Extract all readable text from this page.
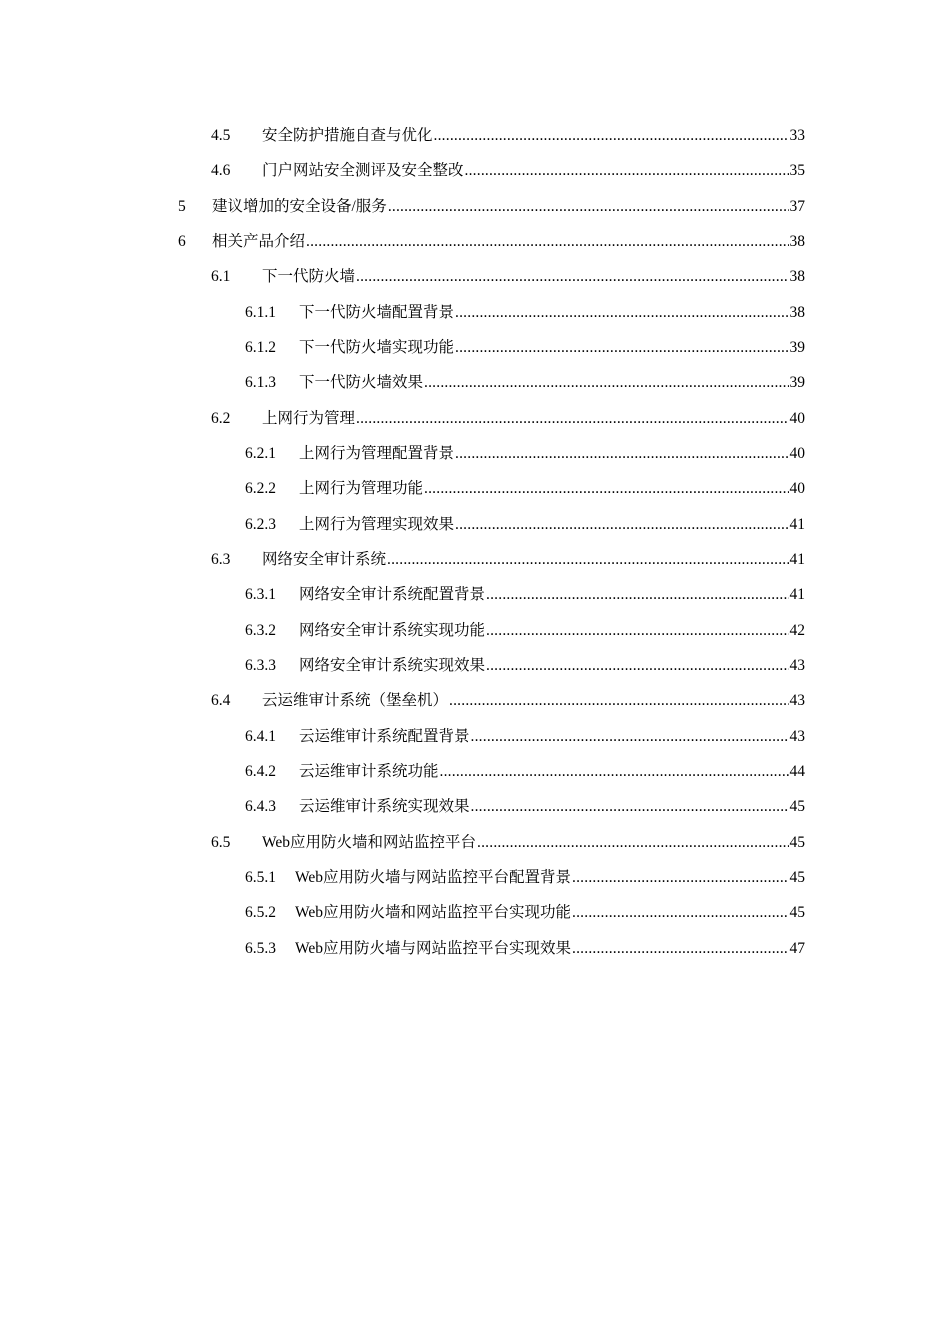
4.5 安全防护措施自查与优化 .....	33
4.6 门户网站安全测评及安全整改 .....	35
5 建议增加的安全设备/服务 .....	37
6 相关产品介绍 .....	38
6.1 下一代防火墙 .....	38
6.1.1 下一代防火墙配置背景 .....	38
6.1.2 下一代防火墙实现功能 .....	39
6.1.3 下一代防火墙效果 .....	39
6.2 上网行为管理 .....	40
6.2.1 上网行为管理配置背景 .....	40
6.2.2 上网行为管理功能 .....	40
6.2.3 上网行为管理实现效果 .....	41
6.3 网络安全审计系统 .....	41
6.3.1 网络安全审计系统配置背景 .....	41
6.3.2 网络安全审计系统实现功能 .....	42
6.3.3 网络安全审计系统实现效果 .....	43
6.4 云运维审计系统（堡垒机） .....	43
6.4.1 云运维审计系统配置背景 .....	43
6.4.2 云运维审计系统功能 .....	44
6.4.3 云运维审计系统实现效果 .....	45
6.5 Web应用防火墙和网站监控平台 .....	45
6.5.1 Web应用防火墙与网站监控平台配置背景 .....	45
6.5.2 Web应用防火墙和网站监控平台实现功能 .....	45
6.5.3 Web应用防火墙与网站监控平台实现效果 .....	47
